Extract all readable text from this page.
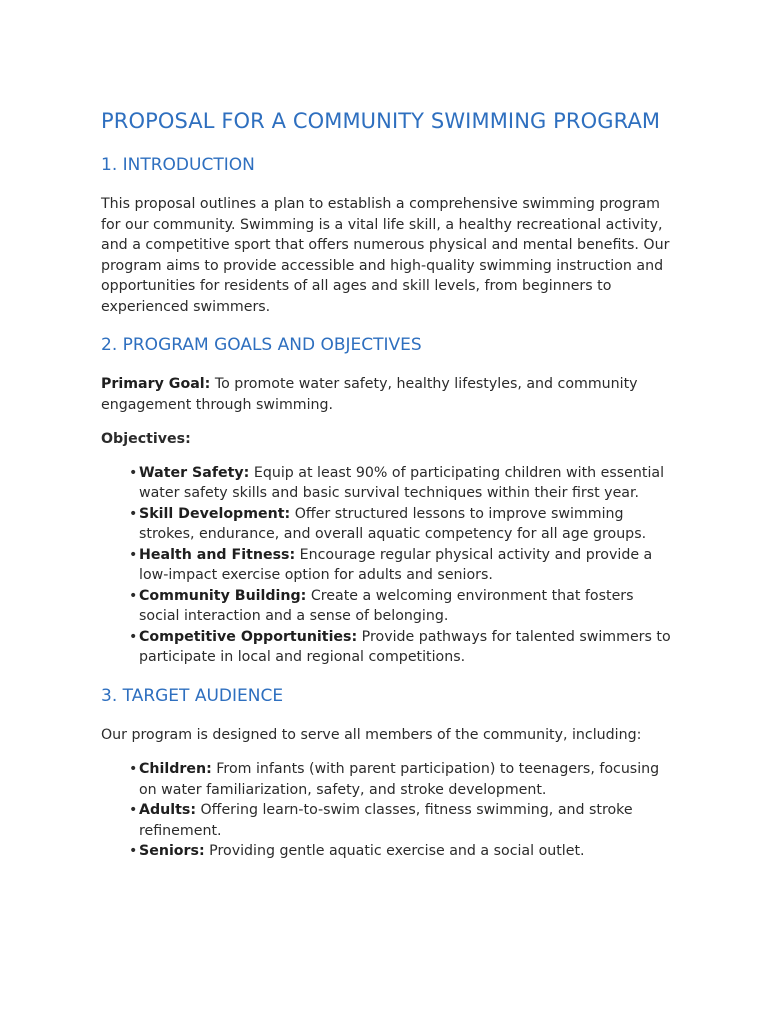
PROPOSAL FOR A COMMUNITY SWIMMING PROGRAM
1. INTRODUCTION

This proposal outlines a plan to establish a comprehensive swimming program for our community. Swimming is a vital life skill, a healthy recreational activity, and a competitive sport that offers numerous physical and mental benefits. Our program aims to provide accessible and high-quality swimming instruction and opportunities for residents of all ages and skill levels, from beginners to experienced swimmers.

2. PROGRAM GOALS AND OBJECTIVES

Primary Goal: To promote water safety, healthy lifestyles, and community engagement through swimming.

Objectives:

• Water Safety: Equip at least 90% of participating children with essential water safety skills and basic survival techniques within their first year.
• Skill Development: Offer structured lessons to improve swimming strokes, endurance, and overall aquatic competency for all age groups.
• Health and Fitness: Encourage regular physical activity and provide a low-impact exercise option for adults and seniors.
• Community Building: Create a welcoming environment that fosters social interaction and a sense of belonging.
• Competitive Opportunities: Provide pathways for talented swimmers to participate in local and regional competitions.
3. TARGET AUDIENCE

Our program is designed to serve all members of the community, including:

• Children: From infants (with parent participation) to teenagers, focusing on water familiarization, safety, and stroke development.
• Adults: Offering learn-to-swim classes, fitness swimming, and stroke refinement.
• Seniors: Providing gentle aquatic exercise and a social outlet.
